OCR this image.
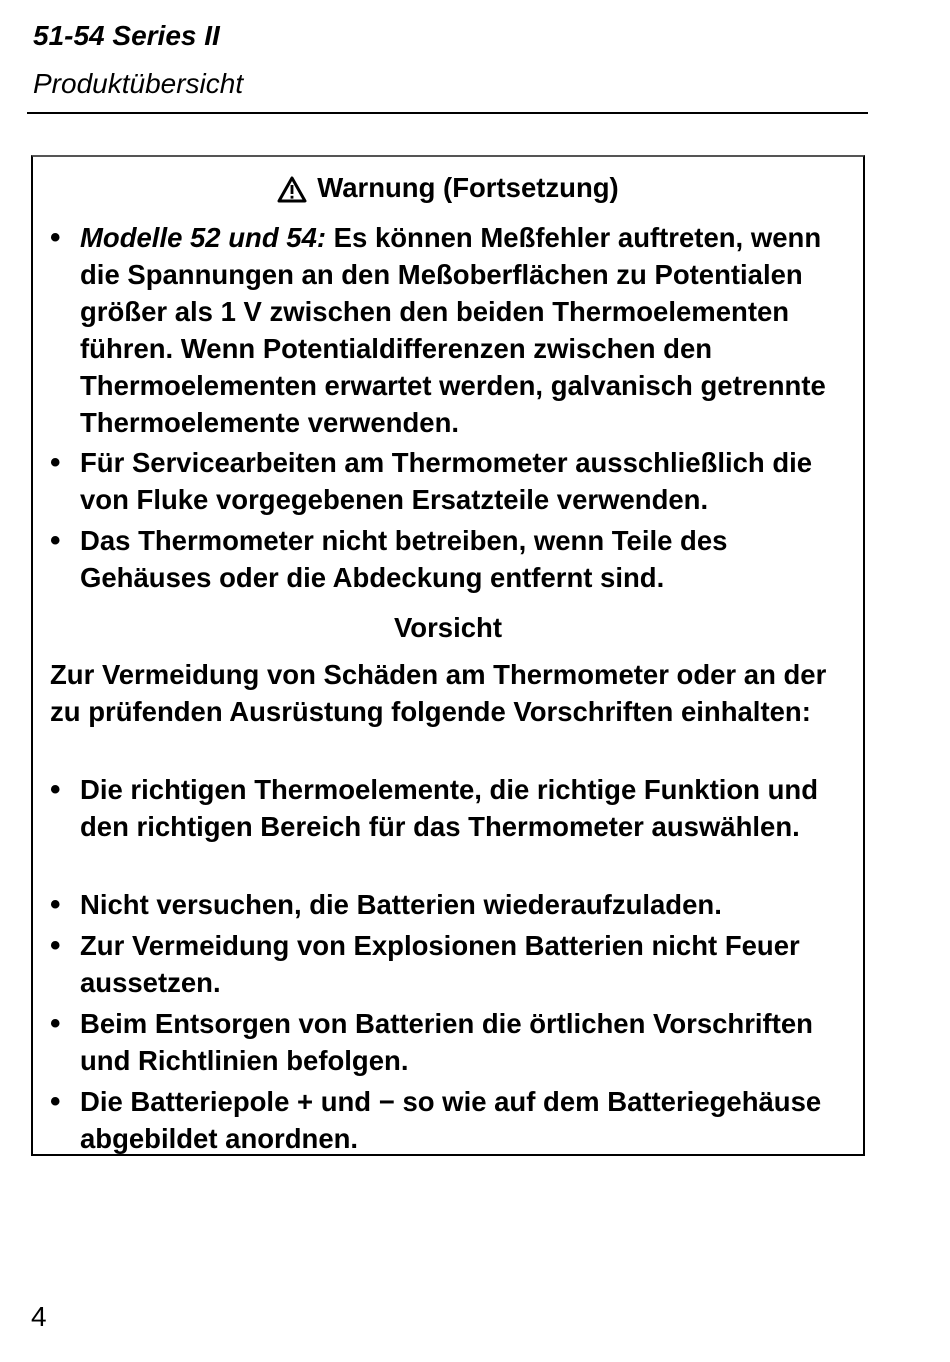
51-54 Series II
Produktübersicht
Warnung (Fortsetzung)
• Modelle 52 und 54: Es können Meßfehler auftreten, wenn die Spannungen an den Meßoberflächen zu Potentialen größer als 1 V zwischen den beiden Thermoelementen führen. Wenn Potentialdifferenzen zwischen den Thermoelementen erwartet werden, galvanisch getrennte Thermoelemente verwenden.
• Für Servicearbeiten am Thermometer ausschließlich die von Fluke vorgegebenen Ersatzteile verwenden.
• Das Thermometer nicht betreiben, wenn Teile des Gehäuses oder die Abdeckung entfernt sind.
Vorsicht
Zur Vermeidung von Schäden am Thermometer oder an der zu prüfenden Ausrüstung folgende Vorschriften einhalten:
• Die richtigen Thermoelemente, die richtige Funktion und den richtigen Bereich für das Thermometer auswählen.
• Nicht versuchen, die Batterien wiederaufzuladen.
• Zur Vermeidung von Explosionen Batterien nicht Feuer aussetzen.
• Beim Entsorgen von Batterien die örtlichen Vorschriften und Richtlinien befolgen.
• Die Batteriepole + und − so wie auf dem Batteriegehäuse abgebildet anordnen.
4
